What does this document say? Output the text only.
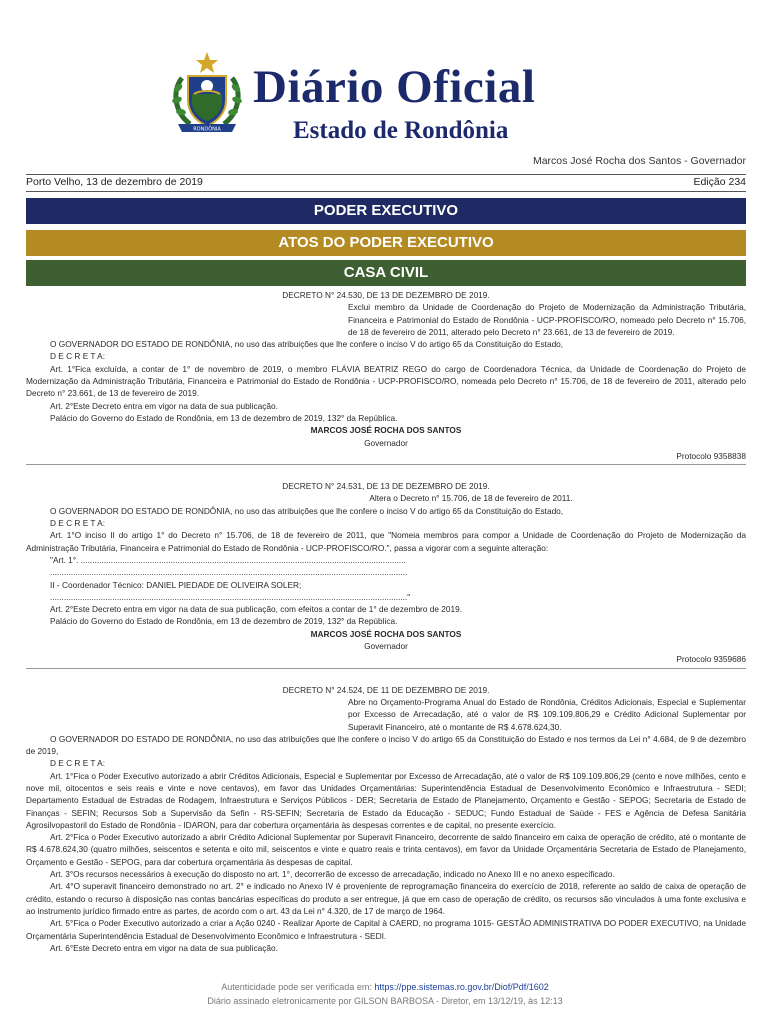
RONDÔNIA
Diário Oficial
Estado de Rondônia
Marcos José Rocha dos Santos - Governador
Porto Velho, 13 de dezembro de 2019	Edição 234
PODER EXECUTIVO
ATOS DO PODER EXECUTIVO
CASA CIVIL

DECRETO N° 24.530, DE 13 DE DEZEMBRO DE 2019.

Exclui membro da Unidade de Coordenação do Projeto de Modernização da Administração Tributária, Financeira e Patrimonial do Estado de Rondônia - UCP-PROFISCO/RO, nomeado pelo Decreto n° 15.706, de 18 de fevereiro de 2011, alterado pelo Decreto n° 23.661, de 13 de fevereiro de 2019.

O GOVERNADOR DO ESTADO DE RONDÔNIA, no uso das atribuições que lhe confere o inciso V do artigo 65 da Constituição do Estado,

D E C R E T A:

Art. 1°Fica excluída, a contar de 1° de novembro de 2019, o membro FLÁVIA BEATRIZ REGO do cargo de Coordenadora Técnica, da Unidade de Coordenação do Projeto de Modernização da Administração Tributária, Financeira e Patrimonial do Estado de Rondônia - UCP-PROFISCO/RO, nomeada pelo Decreto n° 15.706, de 18 de fevereiro de 2011, alterado pelo Decreto n° 23.661, de 13 de fevereiro de 2019.

Art. 2°Este Decreto entra em vigor na data de sua publicação.

Palácio do Governo do Estado de Rondônia, em 13 de dezembro de 2019, 132° da República.

MARCOS JOSÉ ROCHA DOS SANTOS

Governador

Protocolo 9358838

DECRETO N° 24.531, DE 13 DE DEZEMBRO DE 2019.

Altera o Decreto n° 15.706, de 18 de fevereiro de 2011.

O GOVERNADOR DO ESTADO DE RONDÔNIA, no uso das atribuições que lhe confere o inciso V do artigo 65 da Constituição do Estado,

D E C R E T A:

Art. 1°O inciso II do artigo 1° do Decreto n° 15.706, de 18 de fevereiro de 2011, que "Nomeia membros para compor a Unidade de Coordenação do Projeto de Modernização da Administração Tributária, Financeira e Patrimonial do Estado de Rondônia - UCP-PROFISCO/RO.", passa a vigorar com a seguinte alteração:

"Art. 1°. .............................................................................................................................................

...........................................................................................................................................................

II - Coordenador Técnico: DANIEL PIEDADE DE OLIVEIRA SOLER;

..........................................................................................................................................................."

Art. 2°Este Decreto entra em vigor na data de sua publicação, com efeitos a contar de 1° de dezembro de 2019.

Palácio do Governo do Estado de Rondônia, em 13 de dezembro de 2019, 132° da República.

MARCOS JOSÉ ROCHA DOS SANTOS

Governador

Protocolo 9359686

DECRETO N° 24.524, DE 11 DE DEZEMBRO DE 2019.

Abre no Orçamento-Programa Anual do Estado de Rondônia, Créditos Adicionais, Especial e Suplementar por Excesso de Arrecadação, até o valor de R$ 109.109.806,29 e Crédito Adicional Suplementar por Superavit Financeiro, até o montante de R$ 4.678.624,30.

O GOVERNADOR DO ESTADO DE RONDÔNIA, no uso das atribuições que lhe confere o inciso V do artigo 65 da Constituição do Estado e nos termos da Lei n° 4.684, de 9 de dezembro de 2019,

D E C R E T A:

Art. 1°Fica o Poder Executivo autorizado a abrir Créditos Adicionais, Especial e Suplementar por Excesso de Arrecadação, até o valor de R$ 109.109.806,29 (cento e nove milhões, cento e nove mil, oitocentos e seis reais e vinte e nove centavos), em favor das Unidades Orçamentárias: Superintendência Estadual de Desenvolvimento Econômico e Infraestrutura - SEDI; Departamento Estadual de Estradas de Rodagem, Infraestrutura e Serviços Públicos - DER; Secretaria de Estado de Planejamento, Orçamento e Gestão - SEPOG; Secretaria de Estado de Finanças - SEFIN; Recursos Sob a Supervisão da Sefin - RS-SEFIN; Secretaria de Estado da Educação - SEDUC; Fundo Estadual de Saúde - FES e Agência de Defesa Sanitária Agrosilvopastoril do Estado de Rondônia - IDARON, para dar cobertura orçamentária às despesas correntes e de capital, no presente exercício.

Art. 2°Fica o Poder Executivo autorizado a abrir Crédito Adicional Suplementar por Superavit Financeiro, decorrente de saldo financeiro em caixa de operação de crédito, até o montante de R$ 4.678.624,30 (quatro milhões, seiscentos e setenta e oito mil, seiscentos e vinte e quatro reais e trinta centavos), em favor da Unidade Orçamentária Secretaria de Estado de Planejamento, Orçamento e Gestão - SEPOG, para dar cobertura orçamentária às despesas de capital.

Art. 3°Os recursos necessários à execução do disposto no art. 1°, decorrerão de excesso de arrecadação, indicado no Anexo III e no anexo especificado.

Art. 4°O superavit financeiro demonstrado no art. 2° e indicado no Anexo IV é proveniente de reprogramação financeira do exercício de 2018, referente ao saldo de caixa de operação de crédito, estando o recurso à disposição nas contas bancárias específicas do produto a ser entregue, já que em caso de operação de crédito, os recursos são vinculados à uma fonte exclusiva e ao instrumento jurídico firmado entre as partes, de acordo com o art. 43 da Lei n° 4.320, de 17 de março de 1964.

Art. 5°Fica o Poder Executivo autorizado a criar a Ação 0240 - Realizar Aporte de Capital à CAERD, no programa 1015- GESTÃO ADMINISTRATIVA DO PODER EXECUTIVO, na Unidade Orçamentária Superintendência Estadual de Desenvolvimento Econômico e Infraestrutura - SEDI.

Art. 6°Este Decreto entra em vigor na data de sua publicação.

Autenticidade pode ser verificada em: https://ppe.sistemas.ro.gov.br/Diof/Pdf/1602
Diário assinado eletronicamente por GILSON BARBOSA - Diretor, em 13/12/19, às 12:13
